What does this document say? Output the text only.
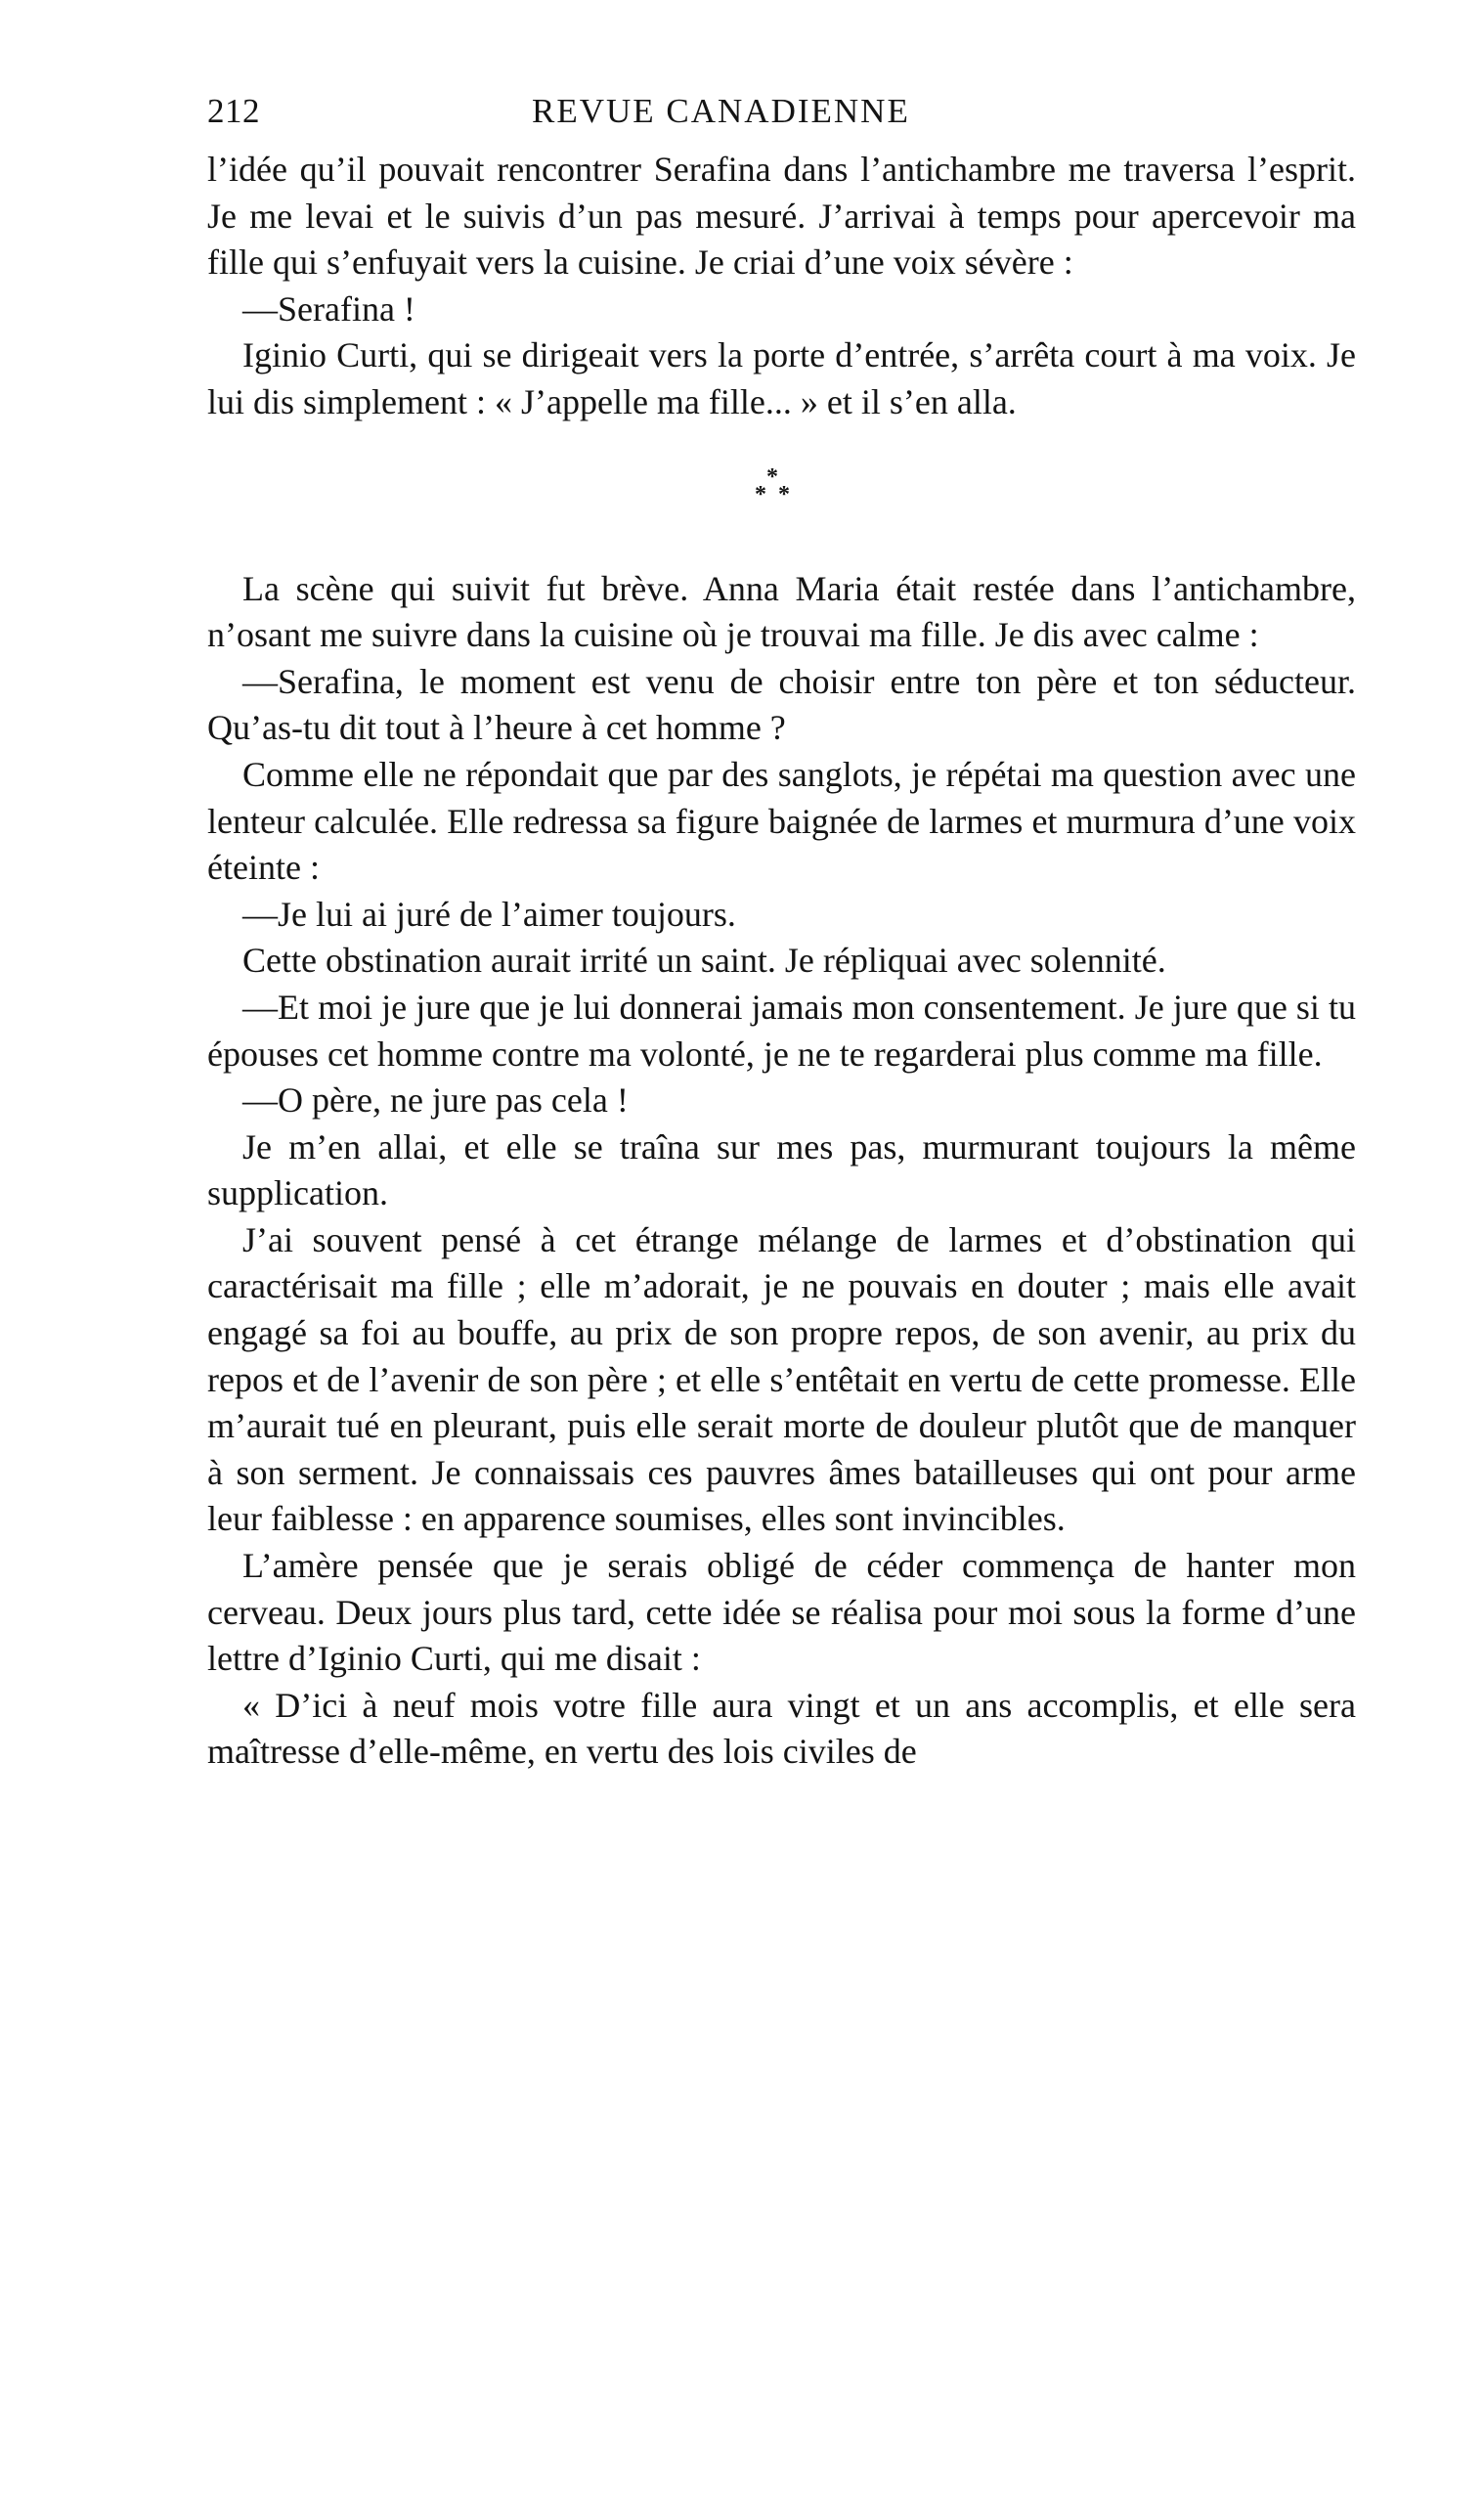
212	REVUE CANADIENNE

l’idée qu’il pouvait rencontrer Serafina dans l’antichambre me traversa l’esprit. Je me levai et le suivis d’un pas mesuré. J’arrivai à temps pour apercevoir ma fille qui s’enfuyait vers la cuisine. Je criai d’une voix sévère :

—Serafina !

Iginio Curti, qui se dirigeait vers la porte d’entrée, s’arrêta court à ma voix. Je lui dis simplement : « J’appelle ma fille... » et il s’en alla.

*
* *

La scène qui suivit fut brève. Anna Maria était restée dans l’antichambre, n’osant me suivre dans la cuisine où je trouvai ma fille. Je dis avec calme :

—Serafina, le moment est venu de choisir entre ton père et ton séducteur. Qu’as-tu dit tout à l’heure à cet homme ?

Comme elle ne répondait que par des sanglots, je répétai ma question avec une lenteur calculée. Elle redressa sa figure baignée de larmes et murmura d’une voix éteinte :

—Je lui ai juré de l’aimer toujours.

Cette obstination aurait irrité un saint. Je répliquai avec solennité.

—Et moi je jure que je lui donnerai jamais mon consentement. Je jure que si tu épouses cet homme contre ma volonté, je ne te regarderai plus comme ma fille.

—O père, ne jure pas cela !

Je m’en allai, et elle se traîna sur mes pas, murmurant toujours la même supplication.

J’ai souvent pensé à cet étrange mélange de larmes et d’obstination qui caractérisait ma fille ; elle m’adorait, je ne pouvais en douter ; mais elle avait engagé sa foi au bouffe, au prix de son propre repos, de son avenir, au prix du repos et de l’avenir de son père ; et elle s’entêtait en vertu de cette promesse. Elle m’aurait tué en pleurant, puis elle serait morte de douleur plutôt que de manquer à son serment. Je connaissais ces pauvres âmes batailleuses qui ont pour arme leur faiblesse : en apparence soumises, elles sont invincibles.

L’amère pensée que je serais obligé de céder commença de hanter mon cerveau. Deux jours plus tard, cette idée se réalisa pour moi sous la forme d’une lettre d’Iginio Curti, qui me disait :

« D’ici à neuf mois votre fille aura vingt et un ans accomplis, et elle sera maîtresse d’elle-même, en vertu des lois civiles de
